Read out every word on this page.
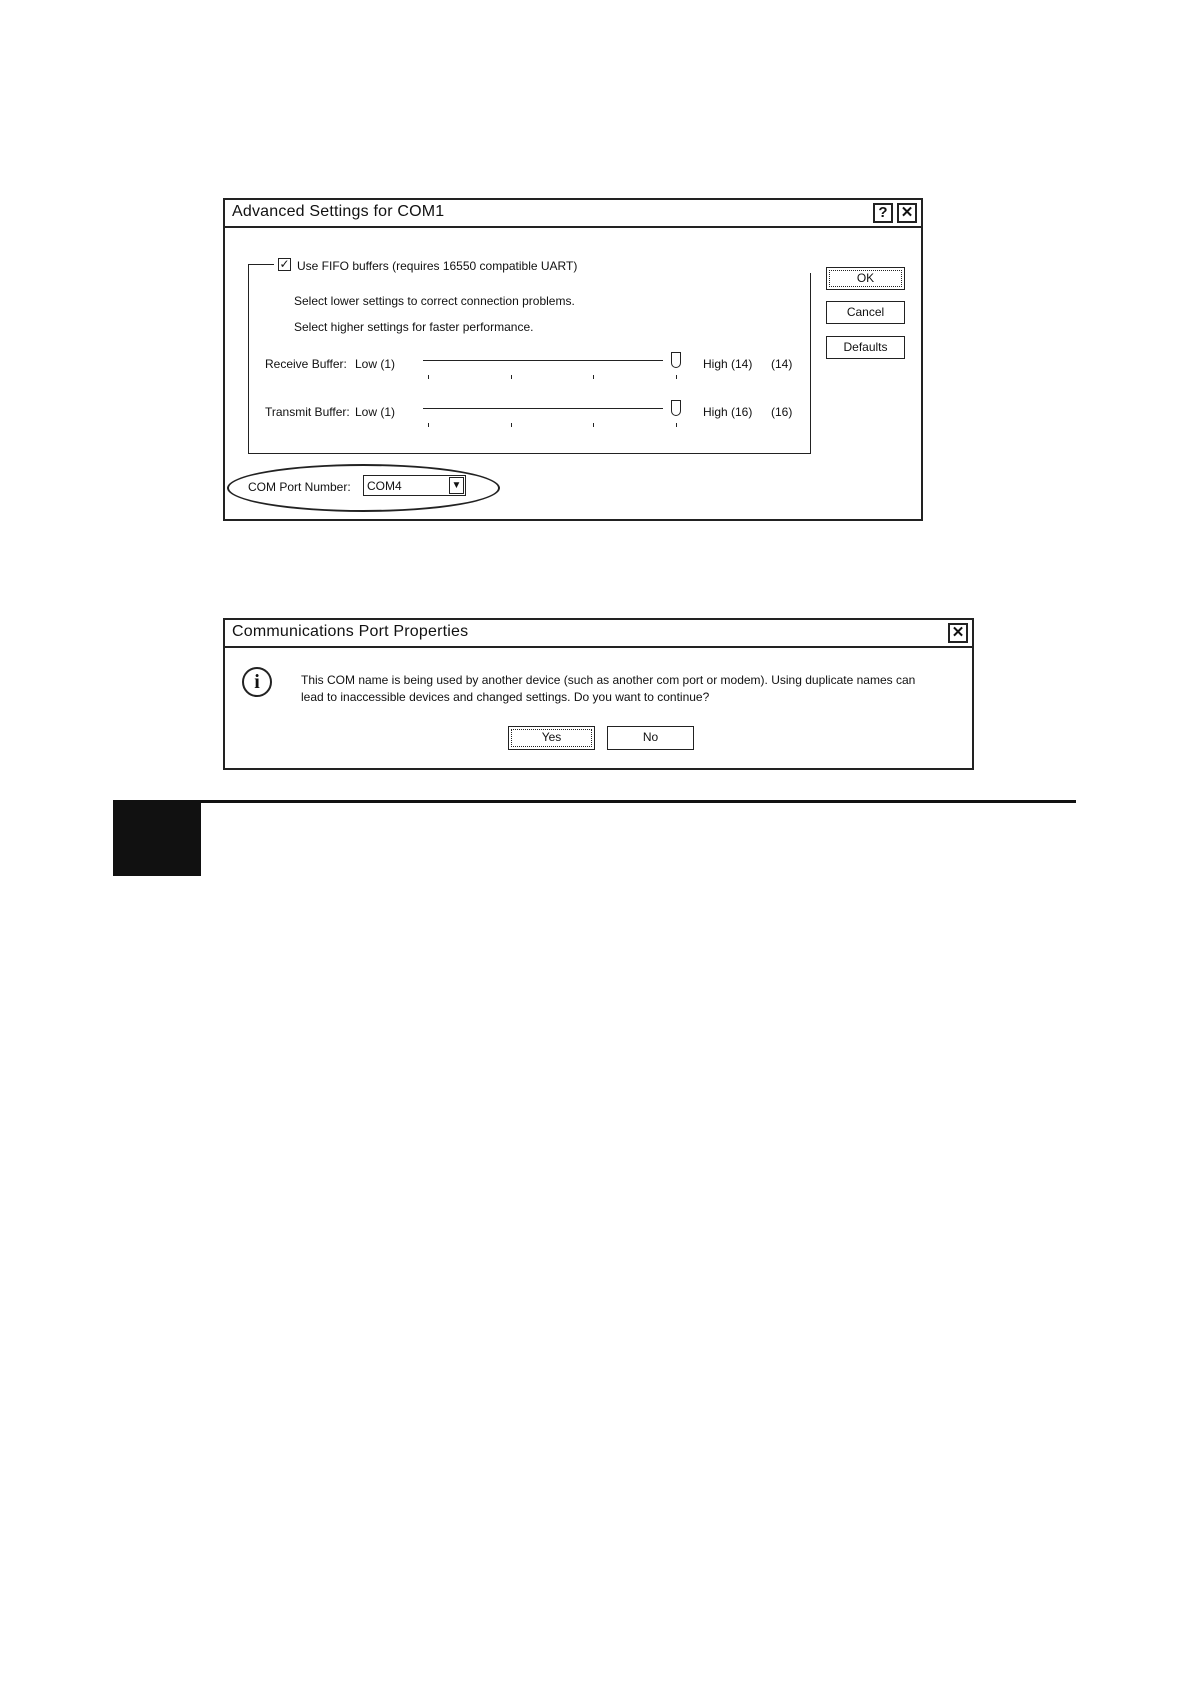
Advanced Settings for COM1	? ✕
✓ Use FIFO buffers (requires 16550 compatible UART)
Select lower settings to correct connection problems.
Select higher settings for faster performance.
Receive Buffer: Low (1)	High (14) (14)
Transmit Buffer: Low (1)	High (16) (16)
COM Port Number: COM4	▼
OK
Cancel
Defaults
Communications Port Properties	✕
i	This COM name is being used by another device (such as another com port or modem). Using duplicate names can
lead to inaccessible devices and changed settings. Do you want to continue?
Yes	No
